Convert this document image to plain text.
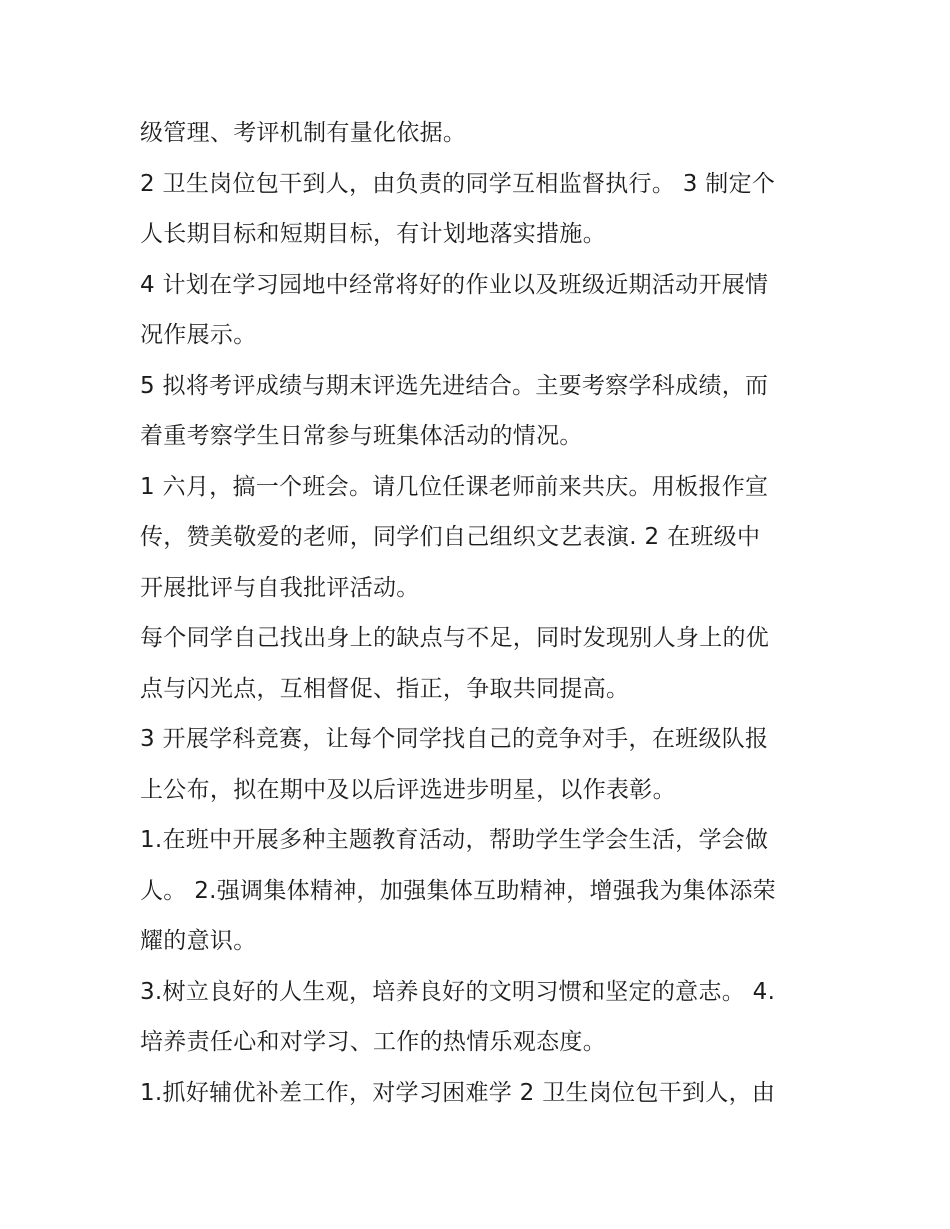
级管理、考评机制有量化依据。
2 卫生岗位包干到人，由负责的同学互相监督执行。 3 制定个
人长期目标和短期目标，有计划地落实措施。
4 计划在学习园地中经常将好的作业以及班级近期活动开展情
况作展示。
5 拟将考评成绩与期末评选先进结合。主要考察学科成绩，而
着重考察学生日常参与班集体活动的情况。
1 六月，搞一个班会。请几位任课老师前来共庆。用板报作宣
传，赞美敬爱的老师，同学们自己组织文艺表演. 2 在班级中
开展批评与自我批评活动。
每个同学自己找出身上的缺点与不足，同时发现别人身上的优
点与闪光点，互相督促、指正，争取共同提高。
3 开展学科竞赛，让每个同学找自己的竞争对手，在班级队报
上公布，拟在期中及以后评选进步明星，以作表彰。
1.在班中开展多种主题教育活动，帮助学生学会生活，学会做
人。 2.强调集体精神，加强集体互助精神，增强我为集体添荣
耀的意识。
3.树立良好的人生观，培养良好的文明习惯和坚定的意志。 4.
培养责任心和对学习、工作的热情乐观态度。
1.抓好辅优补差工作，对学习困难学 2 卫生岗位包干到人，由
